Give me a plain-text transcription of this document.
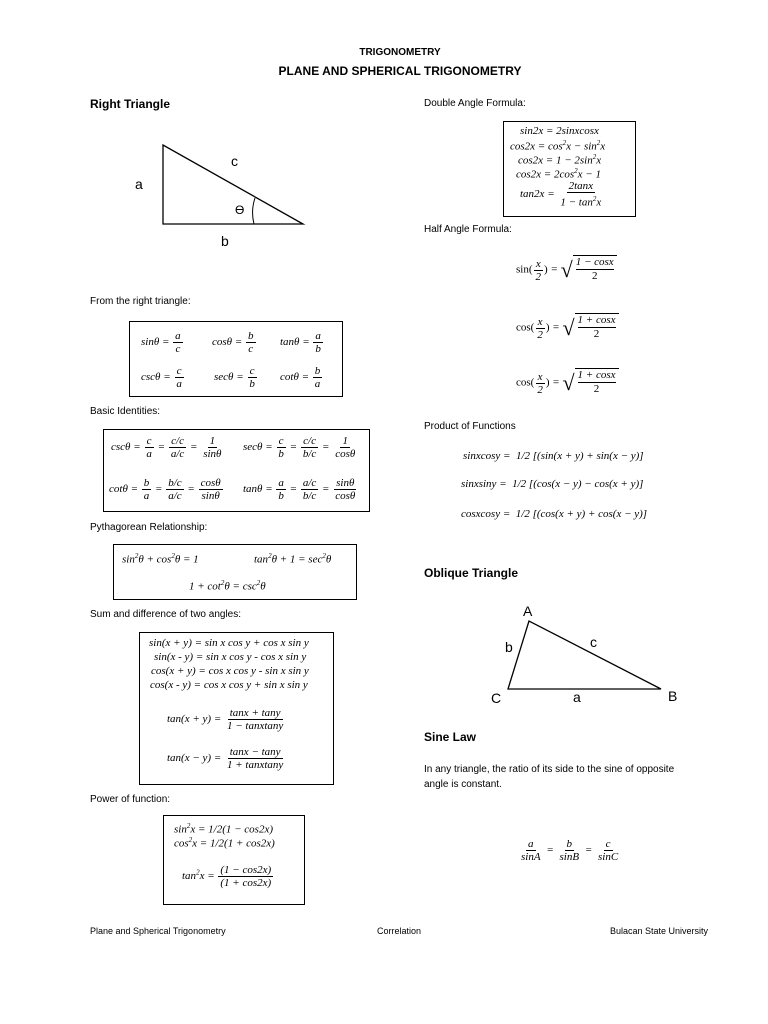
TRIGONOMETRY
PLANE AND SPHERICAL TRIGONOMETRY
Right Triangle
a
c
b
ϴ
From the right triangle:
$\sin\theta = \frac{a}{c}$	$\cos\theta = \frac{b}{c}$ $\tan\theta = \frac{a}{b}$
$\csc\theta = \frac{c}{a}$	$\sec\theta = \frac{c}{b}$ $\cot\theta = \frac{b}{a}$
Basic Identities:
$\csc\theta = \frac{c}{a} = \frac{c/c}{a/c} = \frac{1}{\sin\theta}$ $\sec\theta = \frac{c}{b} = \frac{c/c}{b/c} = \frac{1}{\cos\theta}$
$\cot\theta = \frac{b}{a} = \frac{b/c}{a/c} = \frac{\cos\theta}{\sin\theta}$ $\tan\theta = \frac{a}{b} = \frac{a/c}{b/c} = \frac{\sin\theta}{\cos\theta}$
Pythagorean Relationship:
$\sin^2\theta + \cos^2\theta = 1$	$\tan^2\theta + 1 = \sec^2\theta$
$1 + \cot^2\theta = \csc^2\theta$
Sum and difference of two angles:
sin(x + y) = sin x cos y + cos x sin y
sin(x - y) = sin x cos y - cos x sin y
cos(x + y) = cos x cos y - sin x sin y
cos(x - y) = cos x cos y + sin x sin y
$\tan(x + y) = \frac{\tan x + \tan y}{\text{1 − tanxtany}}$
$\tan(x - y) = \frac{\tan x - \tan y}{\text{1 + tanxtany}}$
Power of function:
$\sin^2x = 1/2(1 - \cos 2x)$
$\cos^2x = 1/2(1 + \cos 2x)$
$\tan^2x = \frac{(1 - \cos 2x)}{(1 + \cos 2x)}$
Double Angle Formula:
sin2x = 2sinxcosx
$\cos 2x = \cos^2x - \sin^2x$
$\cos 2x = 1 - 2\sin^2x$
$\cos 2x = 2\cos^2x - 1$
$\tan 2x = \frac{2\tan x}{1 - \tan^2x}$
Half Angle Formula:
$\sin( \frac{x}{2}$ ) = √ 1 − cosx
2
$\cos( \frac{x}{2}$ ) = √ 1 + cosx
2
$\cos( \frac{x}{2}$ ) = √ 1 + cosx
2
Product of Functions
sinxcosy =  1/2 [(sin(x + y) + sin(x − y)]
sinxsiny =  1/2 [(cos(x − y) − cos(x + y)]
cosxcosy =  1/2 [(cos(x + y) + cos(x − y)]
Oblique Triangle
A
b	c
C	a	B
Sine Law
In any triangle, the ratio of its side to the sine of opposite
angle is constant.
$\frac{a}{\sin A} = \frac{b}{\sin B} = \frac{c}{\sin C}$
Plane and Spherical Trigonometry	Correlation	Bulacan State University
